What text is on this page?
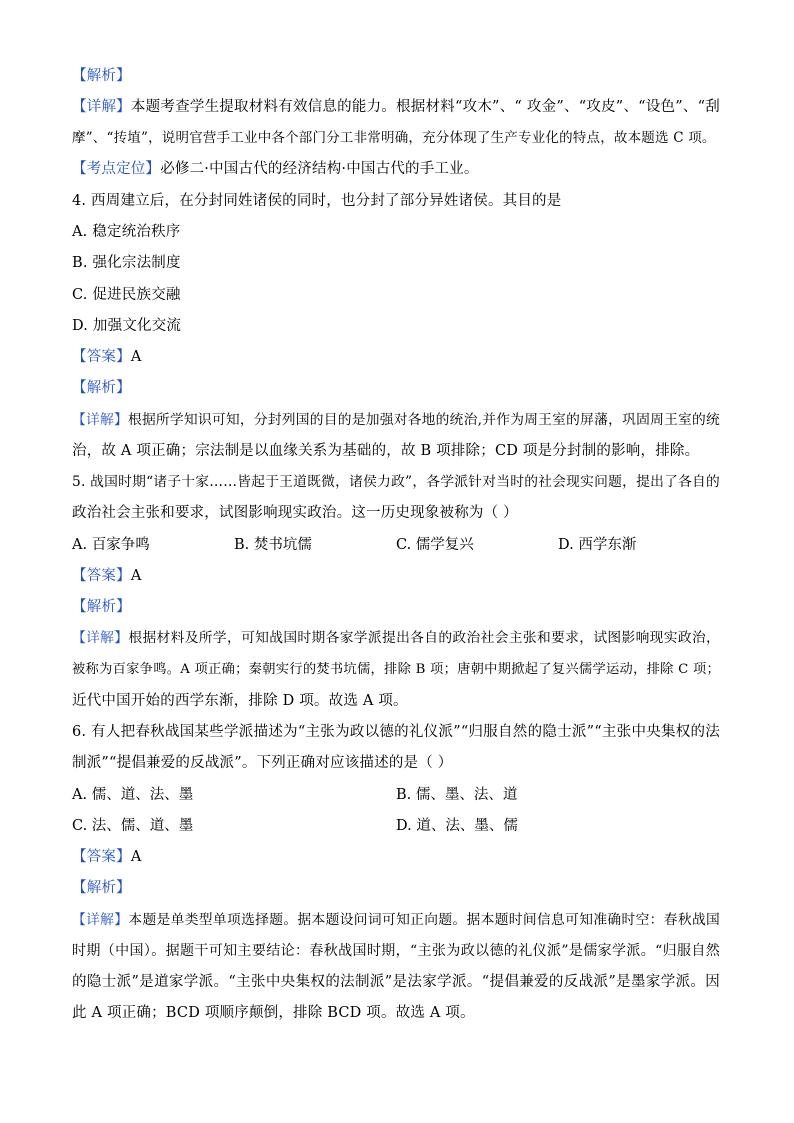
【解析】
【详解】本题考查学生提取材料有效信息的能力。根据材料“攻木”、“ 攻金”、“攻皮”、“设色”、“刮
摩”、“抟埴”，说明官营手工业中各个部门分工非常明确，充分体现了生产专业化的特点，故本题选 C 项。
【考点定位】必修二·中国古代的经济结构·中国古代的手工业。
4. 西周建立后，在分封同姓诸侯的同时，也分封了部分异姓诸侯。其目的是
A. 稳定统治秩序
B. 强化宗法制度
C. 促进民族交融
D. 加强文化交流
【答案】A
【解析】
【详解】根据所学知识可知，分封列国的目的是加强对各地的统治,并作为周王室的屏藩，巩固周王室的统
治，故 A 项正确；宗法制是以血缘关系为基础的，故 B 项排除；CD 项是分封制的影响，排除。
5. 战国时期“诸子十家……皆起于王道既微，诸侯力政”，各学派针对当时的社会现实问题，提出了各自的
政治社会主张和要求，试图影响现实政治。这一历史现象被称为（ ）
A. 百家争鸣	B. 焚书坑儒	C. 儒学复兴	D. 西学东渐
【答案】A
【解析】
【详解】根据材料及所学，可知战国时期各家学派提出各自的政治社会主张和要求，试图影响现实政治，
被称为百家争鸣。A 项正确；秦朝实行的焚书坑儒，排除 B 项；唐朝中期掀起了复兴儒学运动，排除 C 项；
近代中国开始的西学东渐，排除 D 项。故选 A 项。
6. 有人把春秋战国某些学派描述为“主张为政以德的礼仪派”“归服自然的隐士派”“主张中央集权的法
制派”“提倡兼爱的反战派”。下列正确对应该描述的是（ ）
A. 儒、道、法、墨	B. 儒、墨、法、道
C. 法、儒、道、墨	D. 道、法、墨、儒
【答案】A
【解析】
【详解】本题是单类型单项选择题。据本题设问词可知正向题。据本题时间信息可知准确时空：春秋战国
时期（中国）。据题干可知主要结论：春秋战国时期，“主张为政以德的礼仪派”是儒家学派。“归服自然
的隐士派”是道家学派。“主张中央集权的法制派”是法家学派。“提倡兼爱的反战派”是墨家学派。因
此 A 项正确；BCD 项顺序颠倒，排除 BCD 项。故选 A 项。
